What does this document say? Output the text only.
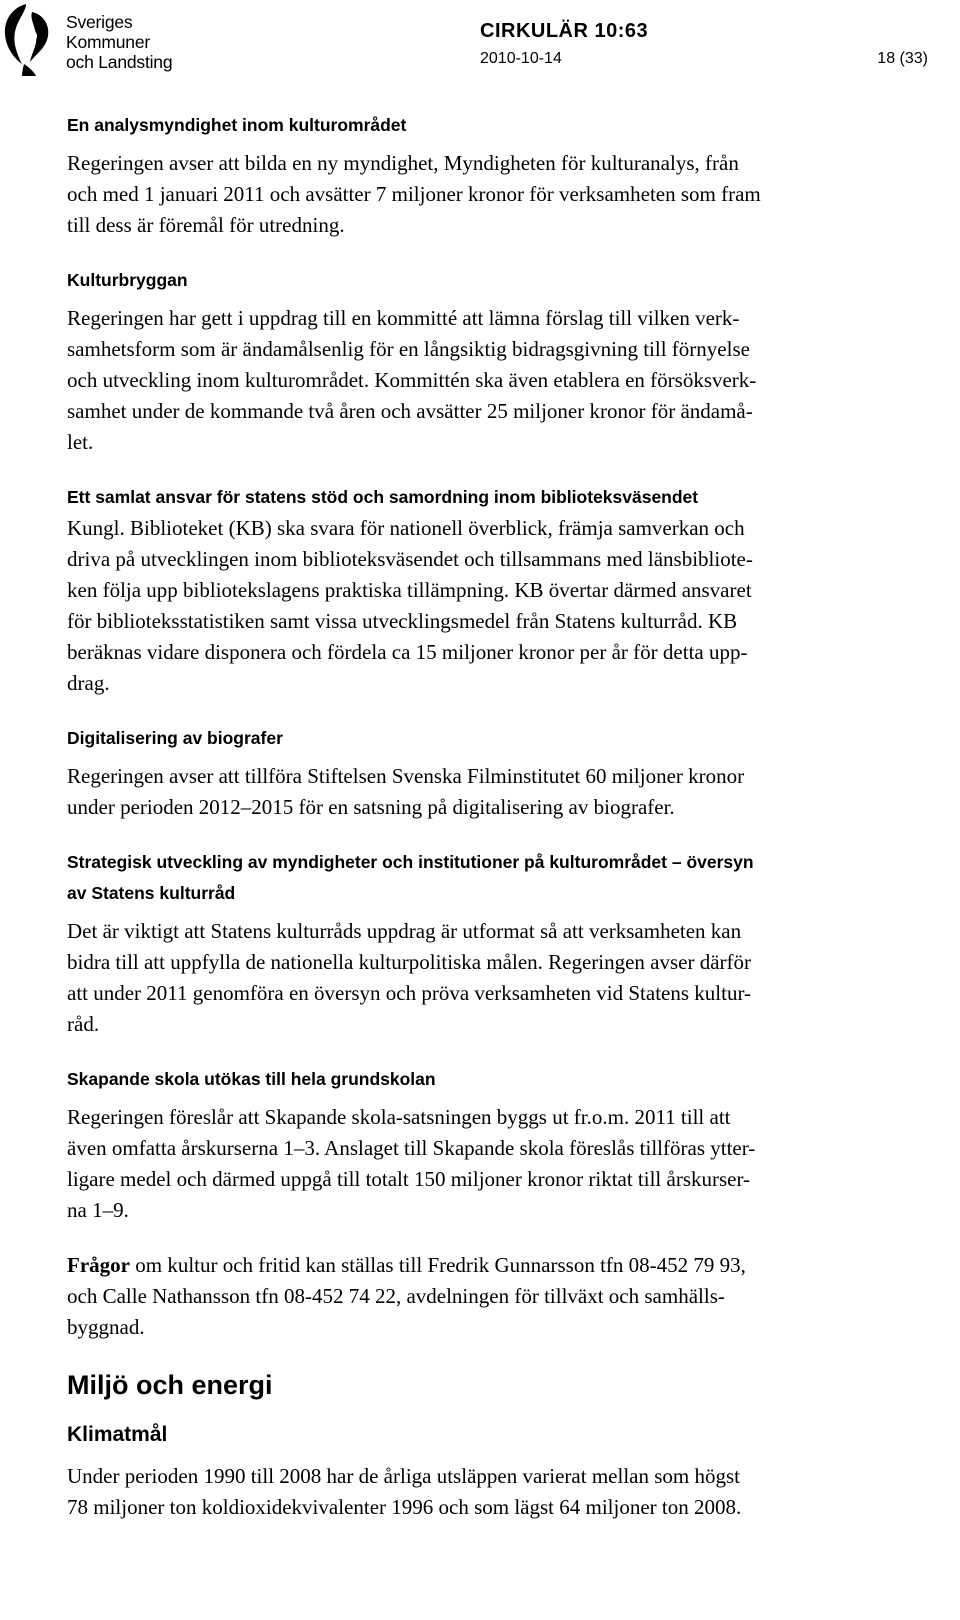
Sveriges
Kommuner
och Landsting
CIRKULÄR 10:63
2010-10-14	18 (33)
En analysmyndighet inom kulturområdet

Regeringen avser att bilda en ny myndighet, Myndigheten för kulturanalys, från

och med 1 januari 2011 och avsätter 7 miljoner kronor för verksamheten som fram

till dess är föremål för utredning.

Kulturbryggan

Regeringen har gett i uppdrag till en kommitté att lämna förslag till vilken verk-

samhetsform som är ändamålsenlig för en långsiktig bidragsgivning till förnyelse

och utveckling inom kulturområdet. Kommittén ska även etablera en försöksverk-

samhet under de kommande två åren och avsätter 25 miljoner kronor för ändamå-

let.

Ett samlat ansvar för statens stöd och samordning inom biblioteksväsendet

Kungl. Biblioteket (KB) ska svara för nationell överblick, främja samverkan och

driva på utvecklingen inom biblioteksväsendet och tillsammans med länsbibliote-

ken följa upp bibliotekslagens praktiska tillämpning. KB övertar därmed ansvaret

för biblioteksstatistiken samt vissa utvecklingsmedel från Statens kulturråd. KB

beräknas vidare disponera och fördela ca 15 miljoner kronor per år för detta upp-

drag.

Digitalisering av biografer

Regeringen avser att tillföra Stiftelsen Svenska Filminstitutet 60 miljoner kronor

under perioden 2012–2015 för en satsning på digitalisering av biografer.

Strategisk utveckling av myndigheter och institutioner på kulturområdet – översyn
av Statens kulturråd

Det är viktigt att Statens kulturråds uppdrag är utformat så att verksamheten kan

bidra till att uppfylla de nationella kulturpolitiska målen. Regeringen avser därför

att under 2011 genomföra en översyn och pröva verksamheten vid Statens kultur-

råd.

Skapande skola utökas till hela grundskolan

Regeringen föreslår att Skapande skola-satsningen byggs ut fr.o.m. 2011 till att

även omfatta årskurserna 1–3. Anslaget till Skapande skola föreslås tillföras ytter-

ligare medel och därmed uppgå till totalt 150 miljoner kronor riktat till årskurser-

na 1–9.

Frågor om kultur och fritid kan ställas till Fredrik Gunnarsson tfn 08-452 79 93,

och Calle Nathansson tfn 08-452 74 22, avdelningen för tillväxt och samhälls-

byggnad.

Miljö och energi
Klimatmål

Under perioden 1990 till 2008 har de årliga utsläppen varierat mellan som högst

78 miljoner ton koldioxidekvivalenter 1996 och som lägst 64 miljoner ton 2008.
